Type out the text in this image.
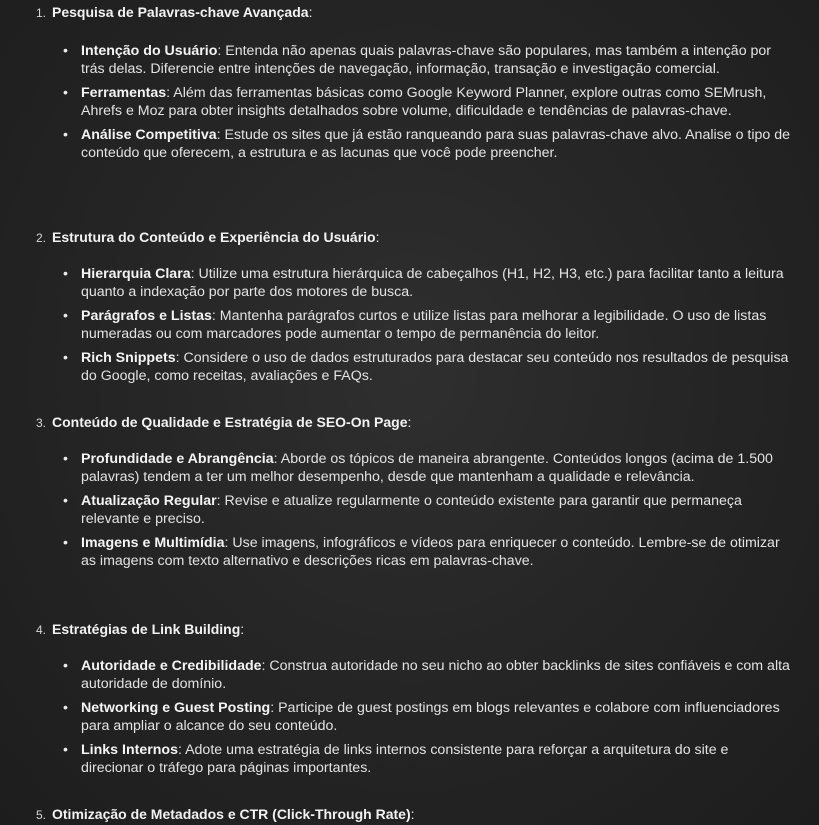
1. Pesquisa de Palavras-chave Avançada:
• Intenção do Usuário: Entenda não apenas quais palavras-chave são populares, mas também a intenção por trás delas. Diferencie entre intenções de navegação, informação, transação e investigação comercial.
• Ferramentas: Além das ferramentas básicas como Google Keyword Planner, explore outras como SEMrush, Ahrefs e Moz para obter insights detalhados sobre volume, dificuldade e tendências de palavras-chave.
• Análise Competitiva: Estude os sites que já estão ranqueando para suas palavras-chave alvo. Analise o tipo de conteúdo que oferecem, a estrutura e as lacunas que você pode preencher.
2. Estrutura do Conteúdo e Experiência do Usuário:
• Hierarquia Clara: Utilize uma estrutura hierárquica de cabeçalhos (H1, H2, H3, etc.) para facilitar tanto a leitura quanto a indexação por parte dos motores de busca.
• Parágrafos e Listas: Mantenha parágrafos curtos e utilize listas para melhorar a legibilidade. O uso de listas numeradas ou com marcadores pode aumentar o tempo de permanência do leitor.
• Rich Snippets: Considere o uso de dados estruturados para destacar seu conteúdo nos resultados de pesquisa do Google, como receitas, avaliações e FAQs.
3. Conteúdo de Qualidade e Estratégia de SEO-On Page:
• Profundidade e Abrangência: Aborde os tópicos de maneira abrangente. Conteúdos longos (acima de 1.500 palavras) tendem a ter um melhor desempenho, desde que mantenham a qualidade e relevância.
• Atualização Regular: Revise e atualize regularmente o conteúdo existente para garantir que permaneça relevante e preciso.
• Imagens e Multimídia: Use imagens, infográficos e vídeos para enriquecer o conteúdo. Lembre-se de otimizar as imagens com texto alternativo e descrições ricas em palavras-chave.
4. Estratégias de Link Building:
• Autoridade e Credibilidade: Construa autoridade no seu nicho ao obter backlinks de sites confiáveis e com alta autoridade de domínio.
• Networking e Guest Posting: Participe de guest postings em blogs relevantes e colabore com influenciadores para ampliar o alcance do seu conteúdo.
• Links Internos: Adote uma estratégia de links internos consistente para reforçar a arquitetura do site e direcionar o tráfego para páginas importantes.
5. Otimização de Metadados e CTR (Click-Through Rate):
